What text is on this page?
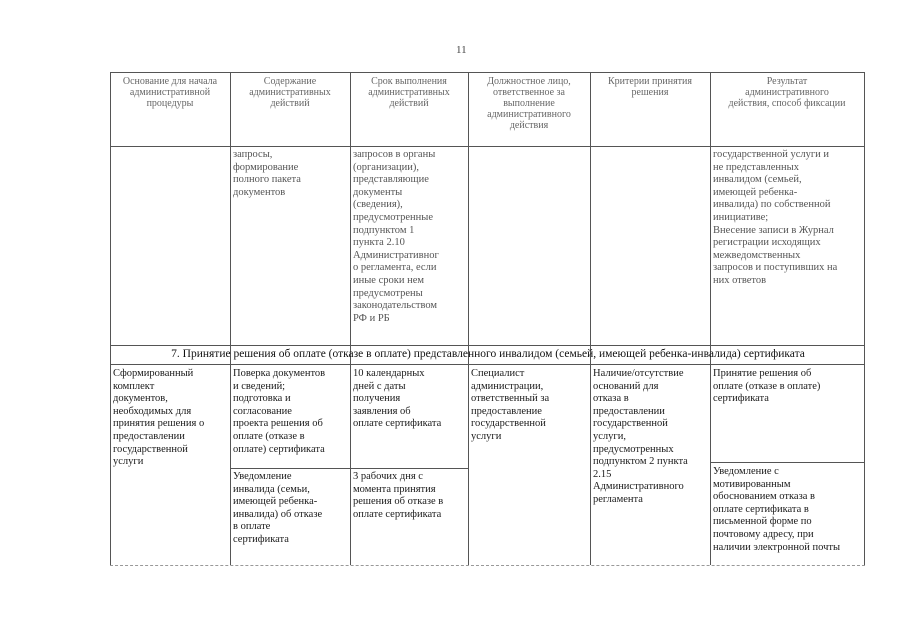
11
Основание для начала
административной
процедуры
Содержание
административных
действий
Срок выполнения
административных
действий
Должностное лицо,
ответственное за
выполнение
административного
действия
Критерии принятия
решения
Результат
административного
действия, способ фиксации
запросы,
формирование
полного пакета
документов
запросов в органы
(организации),
представляющие
документы
(сведения),
предусмотренные
подпунктом 1
пункта 2.10
Административног
о регламента, если
иные сроки нем
предусмотрены
законодательством
РФ и РБ
государственной услуги и
не представленных
инвалидом (семьей,
имеющей ребенка-
инвалида) по собственной
инициативе;
Внесение записи в Журнал
регистрации исходящих
межведомственных
запросов и поступивших на
них ответов
7. Принятие решения об оплате (отказе в оплате) представленного инвалидом (семьей, имеющей ребенка-инвалида) сертификата
Сформированный
комплект
документов,
необходимых для
принятия решения о
предоставлении
государственной
услуги
Поверка документов
и сведений;
подготовка и
согласование
проекта решения об
оплате (отказе в
оплате) сертификата
Уведомление
инвалида (семьи,
имеющей ребенка-
инвалида) об отказе
в оплате
сертификата
10 календарных
дней с даты
получения
заявления об
оплате сертификата
3 рабочих дня с
момента принятия
решения об отказе в
оплате сертификата
Специалист
администрации,
ответственный за
предоставление
государственной
услуги
Наличие/отсутствие
оснований для
отказа в
предоставлении
государственной
услуги,
предусмотренных
подпунктом 2 пункта
2.15
Административного
регламента
Принятие решения об
оплате (отказе в оплате)
сертификата
Уведомление с
мотивированным
обоснованием отказа в
оплате сертификата в
письменной форме по
почтовому адресу, при
наличии электронной почты
